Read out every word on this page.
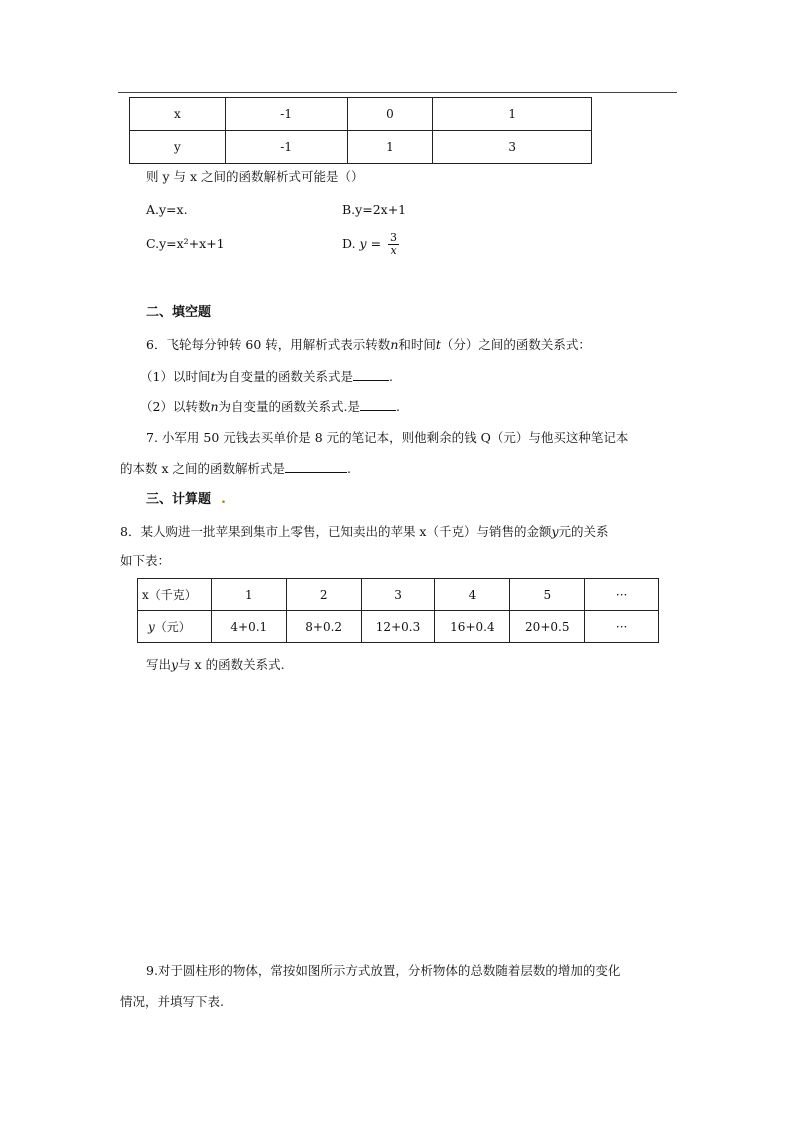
x	-1	0	1
y	-1	1	3
则 y 与 x 之间的函数解析式可能是（）
A.y=x.	B.y=2x+1
C.y=x²+x+1	D. $y = \frac{3}{x}$
二、填空题
6．飞轮每分钟转 60 转，用解析式表示转数n和时间t（分）之间的函数关系式：
（1）以时间t为自变量的函数关系式是	.
（2）以转数n为自变量的函数关系式.是	.
7. 小军用 50 元钱去买单价是 8 元的笔记本，则他剩余的钱 Q（元）与他买这种笔记本
的本数 x 之间的函数解析式是	.
三、计算题 .
8．某人购进一批苹果到集市上零售，已知卖出的苹果 x（千克）与销售的金额y元的关系
如下表：
x（千克）	1	2	3	4	5	···
y（元）	4+0.1	8+0.2	12+0.3	16+0.4	20+0.5	···
写出y与 x 的函数关系式.
9.对于圆柱形的物体，常按如图所示方式放置，分析物体的总数随着层数的增加的变化
情况，并填写下表.
